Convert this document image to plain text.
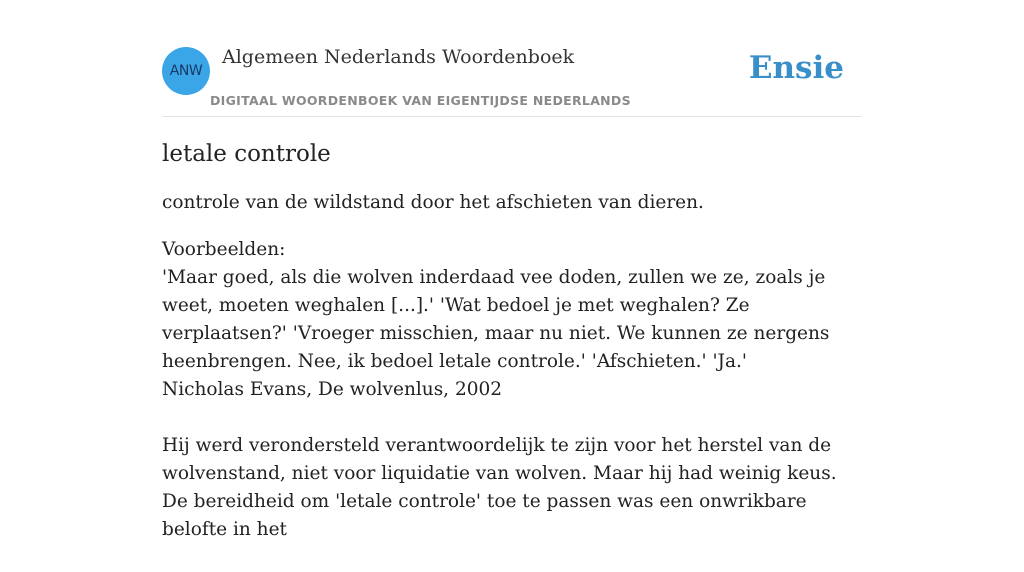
ANW
Algemeen Nederlands Woordenboek
DIGITAAL WOORDENBOEK VAN EIGENTIJDSE NEDERLANDS
Ensie
letale controle

controle van de wildstand door het afschieten van dieren.

Voorbeelden:

'Maar goed, als die wolven inderdaad vee doden, zullen we ze, zoals je weet, moeten weghalen [...].' 'Wat bedoel je met weghalen? Ze verplaatsen?' 'Vroeger misschien, maar nu niet. We kunnen ze nergens heenbrengen. Nee, ik bedoel letale controle.' 'Afschieten.' 'Ja.'

Nicholas Evans, De wolvenlus, 2002

Hij werd verondersteld verantwoordelijk te zijn voor het herstel van de wolvenstand, niet voor liquidatie van wolven. Maar hij had weinig keus. De bereidheid om 'letale controle' toe te passen was een onwrikbare belofte in het
